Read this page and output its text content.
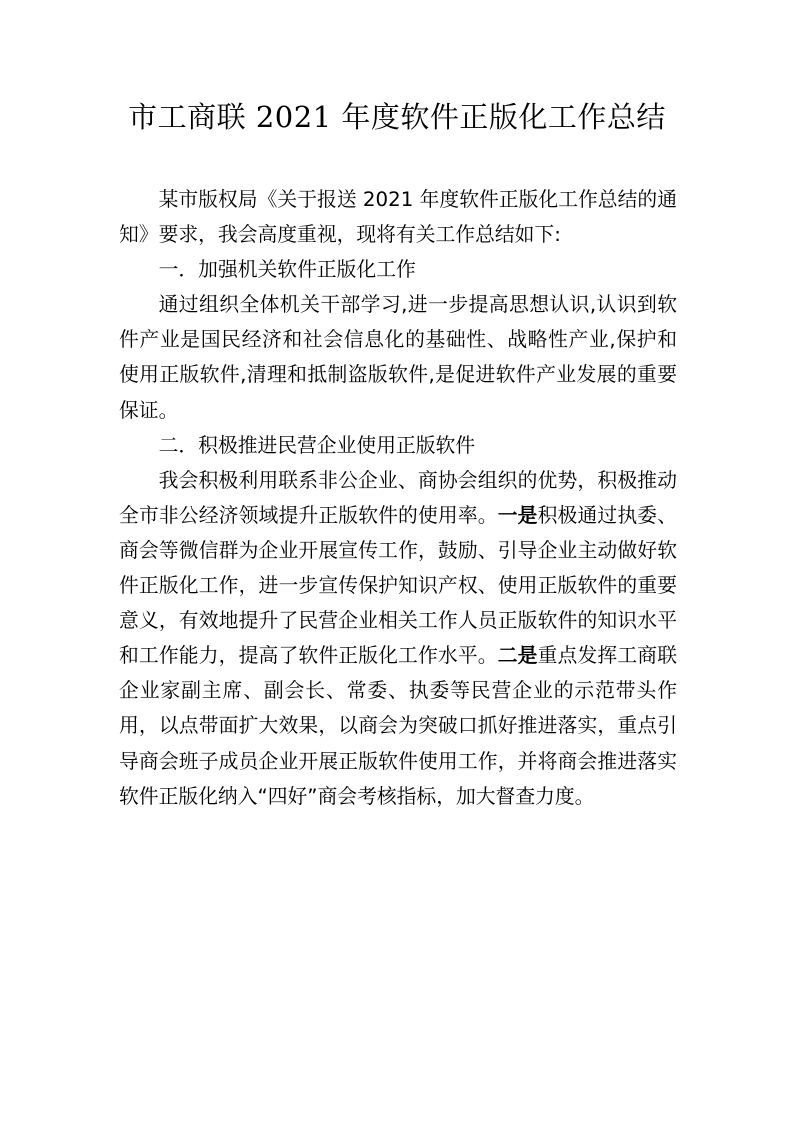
市工商联 2021 年度软件正版化工作总结

某市版权局《关于报送 2021 年度软件正版化工作总结的通知》要求，我会高度重视，现将有关工作总结如下:

一．加强机关软件正版化工作

通过组织全体机关干部学习,进一步提高思想认识,认识到软件产业是国民经济和社会信息化的基础性、战略性产业,保护和使用正版软件,清理和抵制盗版软件,是促进软件产业发展的重要保证。

二．积极推进民营企业使用正版软件

我会积极利用联系非公企业、商协会组织的优势，积极推动全市非公经济领域提升正版软件的使用率。一是积极通过执委、商会等微信群为企业开展宣传工作，鼓励、引导企业主动做好软件正版化工作，进一步宣传保护知识产权、使用正版软件的重要意义，有效地提升了民营企业相关工作人员正版软件的知识水平和工作能力，提高了软件正版化工作水平。二是重点发挥工商联企业家副主席、副会长、常委、执委等民营企业的示范带头作用，以点带面扩大效果，以商会为突破口抓好推进落实，重点引导商会班子成员企业开展正版软件使用工作，并将商会推进落实软件正版化纳入“四好”商会考核指标，加大督查力度。
